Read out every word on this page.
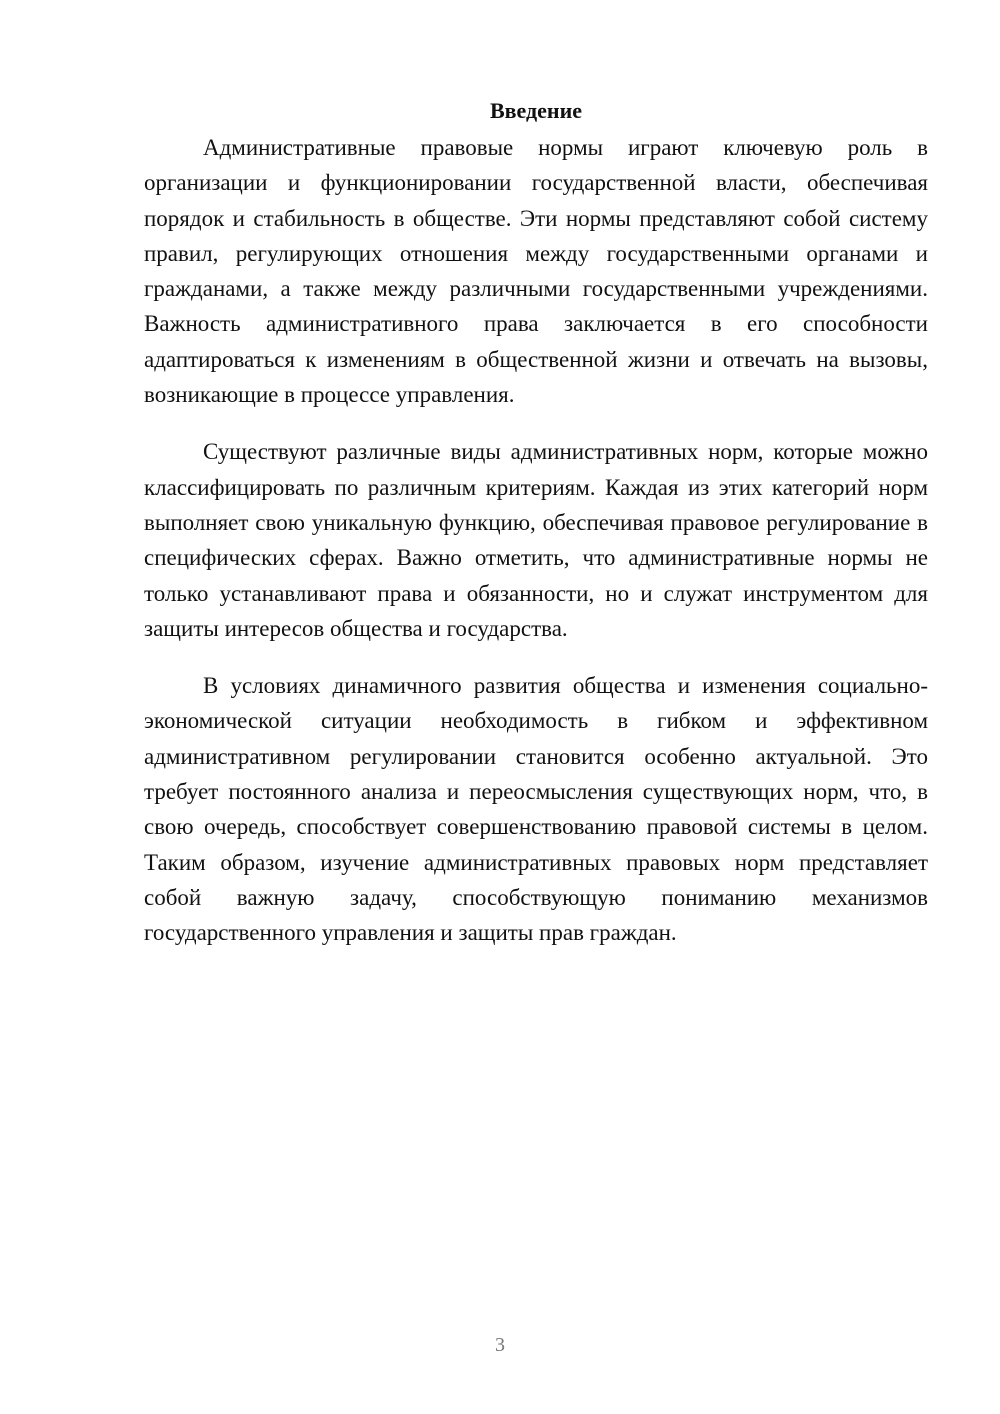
Введение

Административные правовые нормы играют ключевую роль в организации и функционировании государственной власти, обеспечивая порядок и стабильность в обществе. Эти нормы представляют собой систему правил, регулирующих отношения между государственными органами и гражданами, а также между различными государственными учреждениями. Важность административного права заключается в его способности адаптироваться к изменениям в общественной жизни и отвечать на вызовы, возникающие в процессе управления.

Существуют различные виды административных норм, которые можно классифицировать по различным критериям. Каждая из этих категорий норм выполняет свою уникальную функцию, обеспечивая правовое регулирование в специфических сферах. Важно отметить, что административные нормы не только устанавливают права и обязанности, но и служат инструментом для защиты интересов общества и государства.

В условиях динамичного развития общества и изменения социально-экономической ситуации необходимость в гибком и эффективном административном регулировании становится особенно актуальной. Это требует постоянного анализа и переосмысления существующих норм, что, в свою очередь, способствует совершенствованию правовой системы в целом. Таким образом, изучение административных правовых норм представляет собой важную задачу, способствующую пониманию механизмов государственного управления и защиты прав граждан.

3
